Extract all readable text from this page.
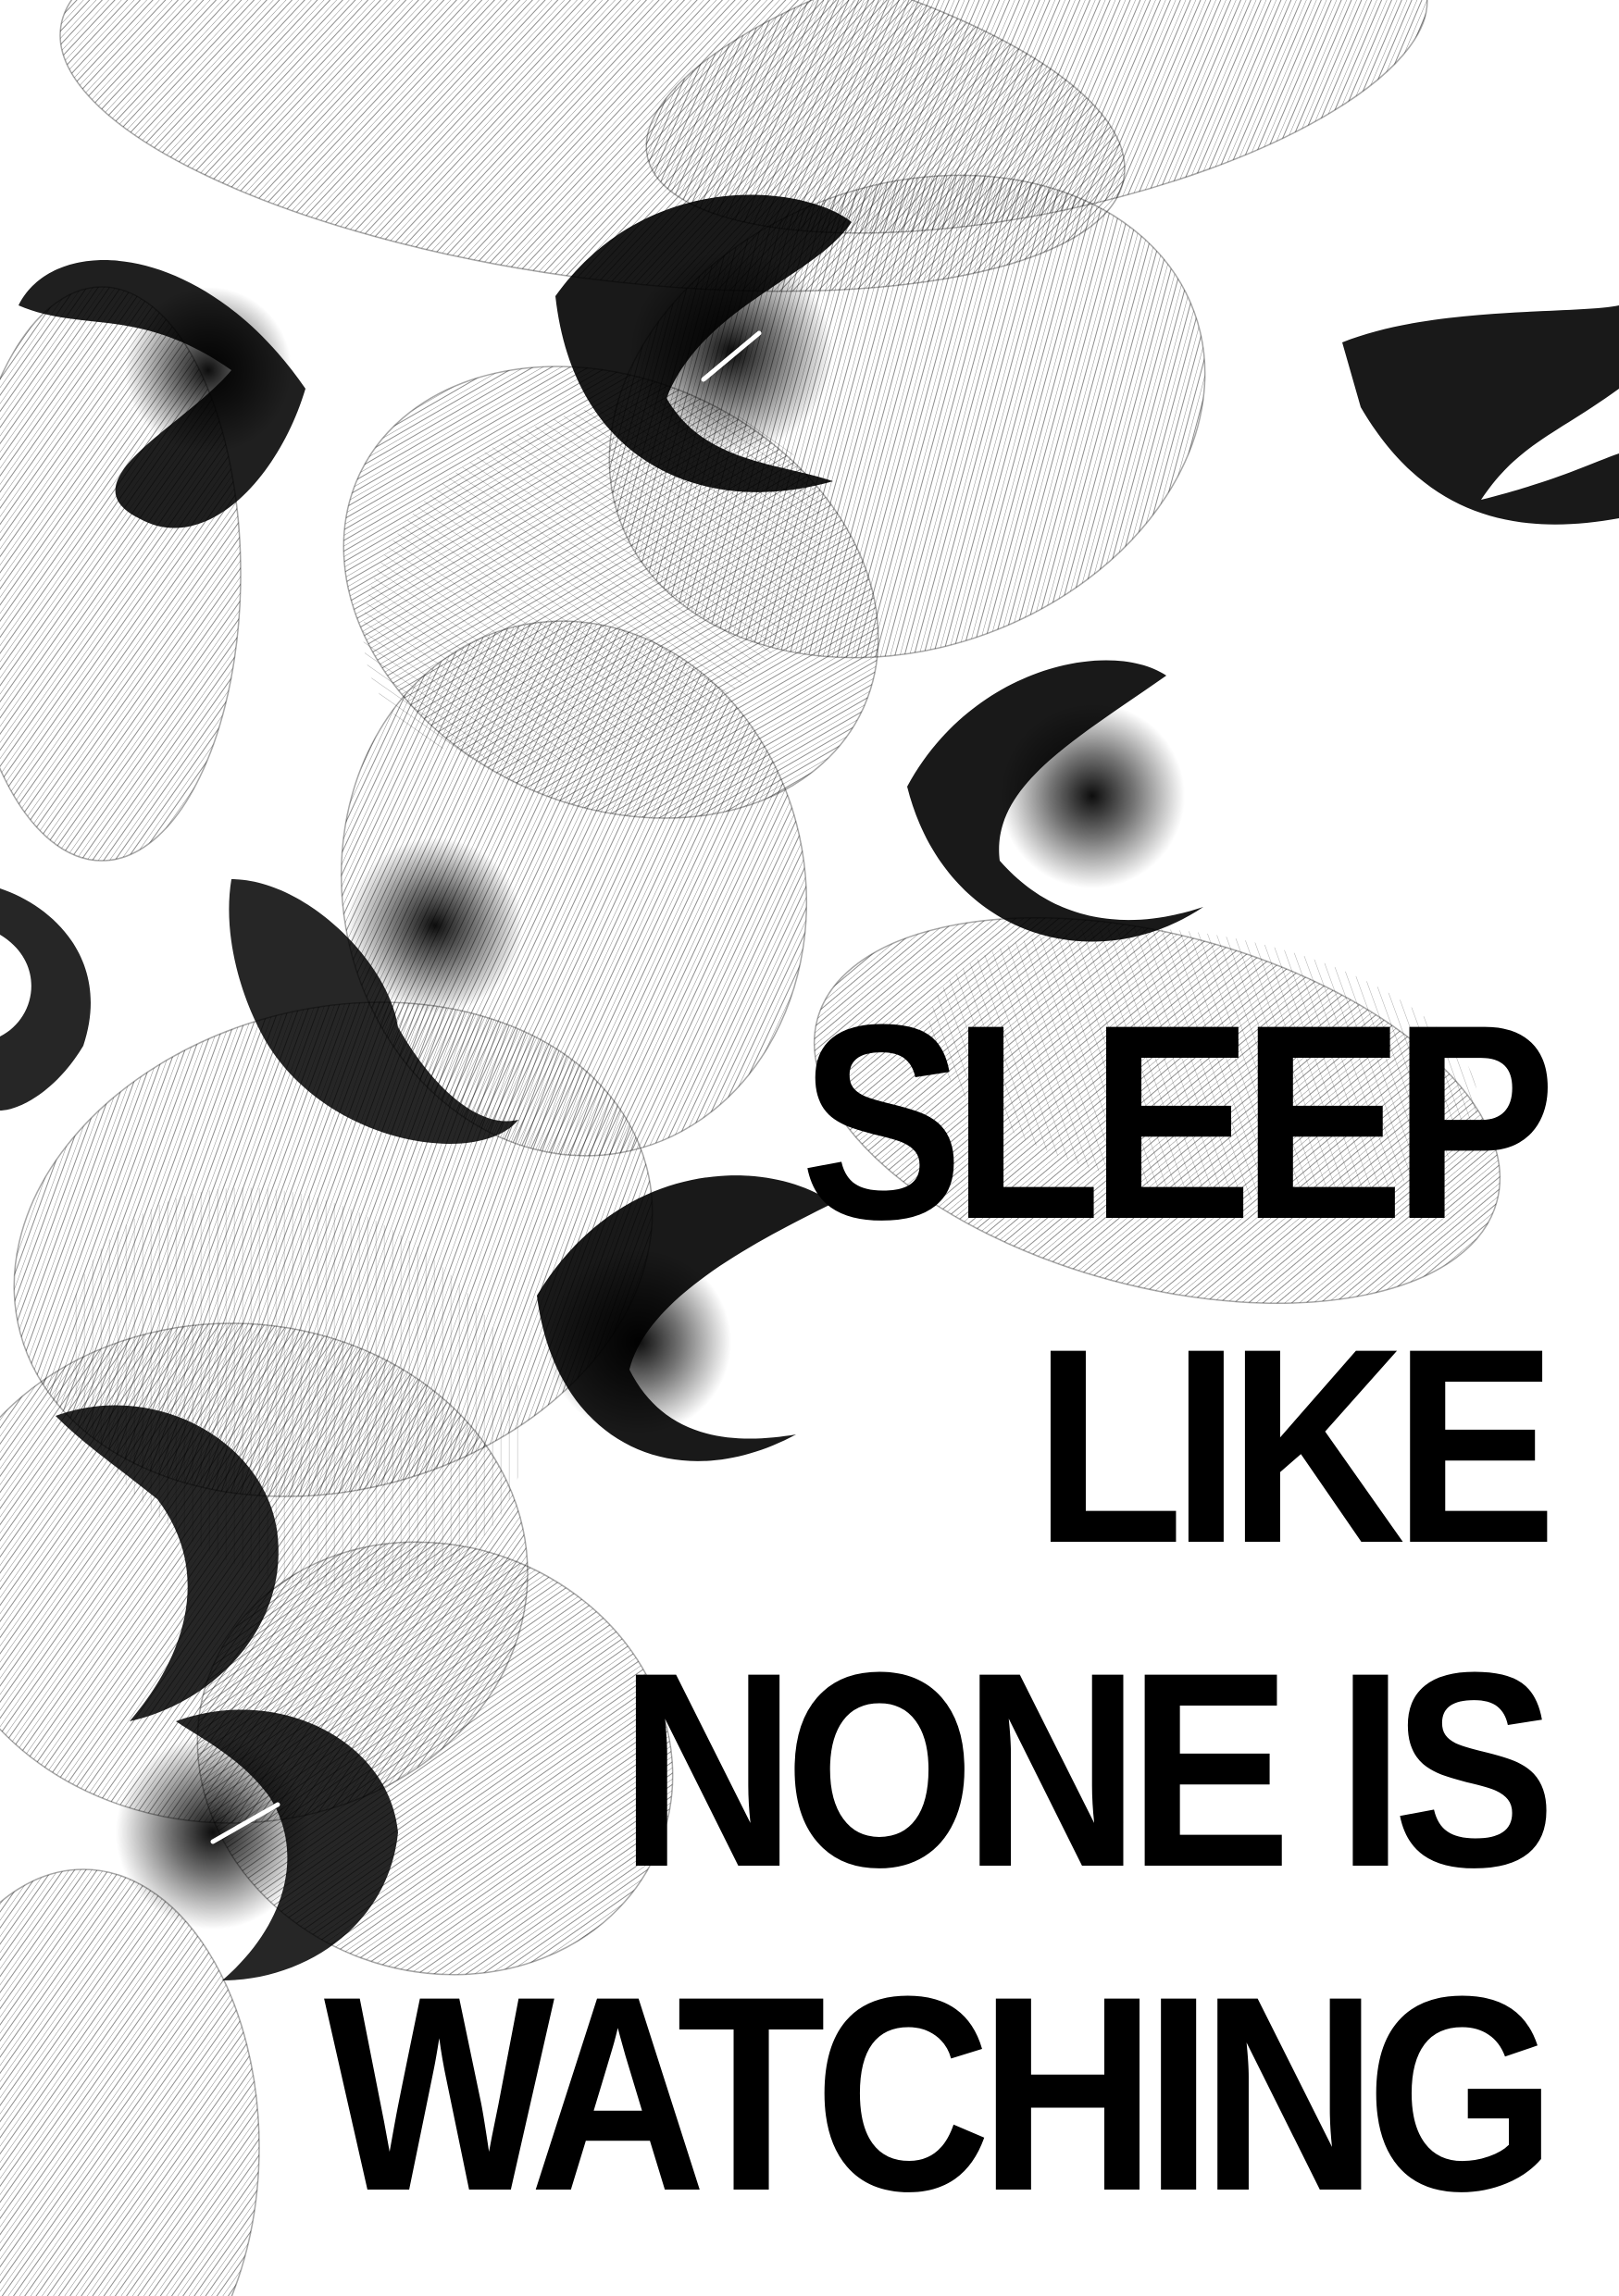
SLEEP

LIKE

NONE IS

WATCHING
